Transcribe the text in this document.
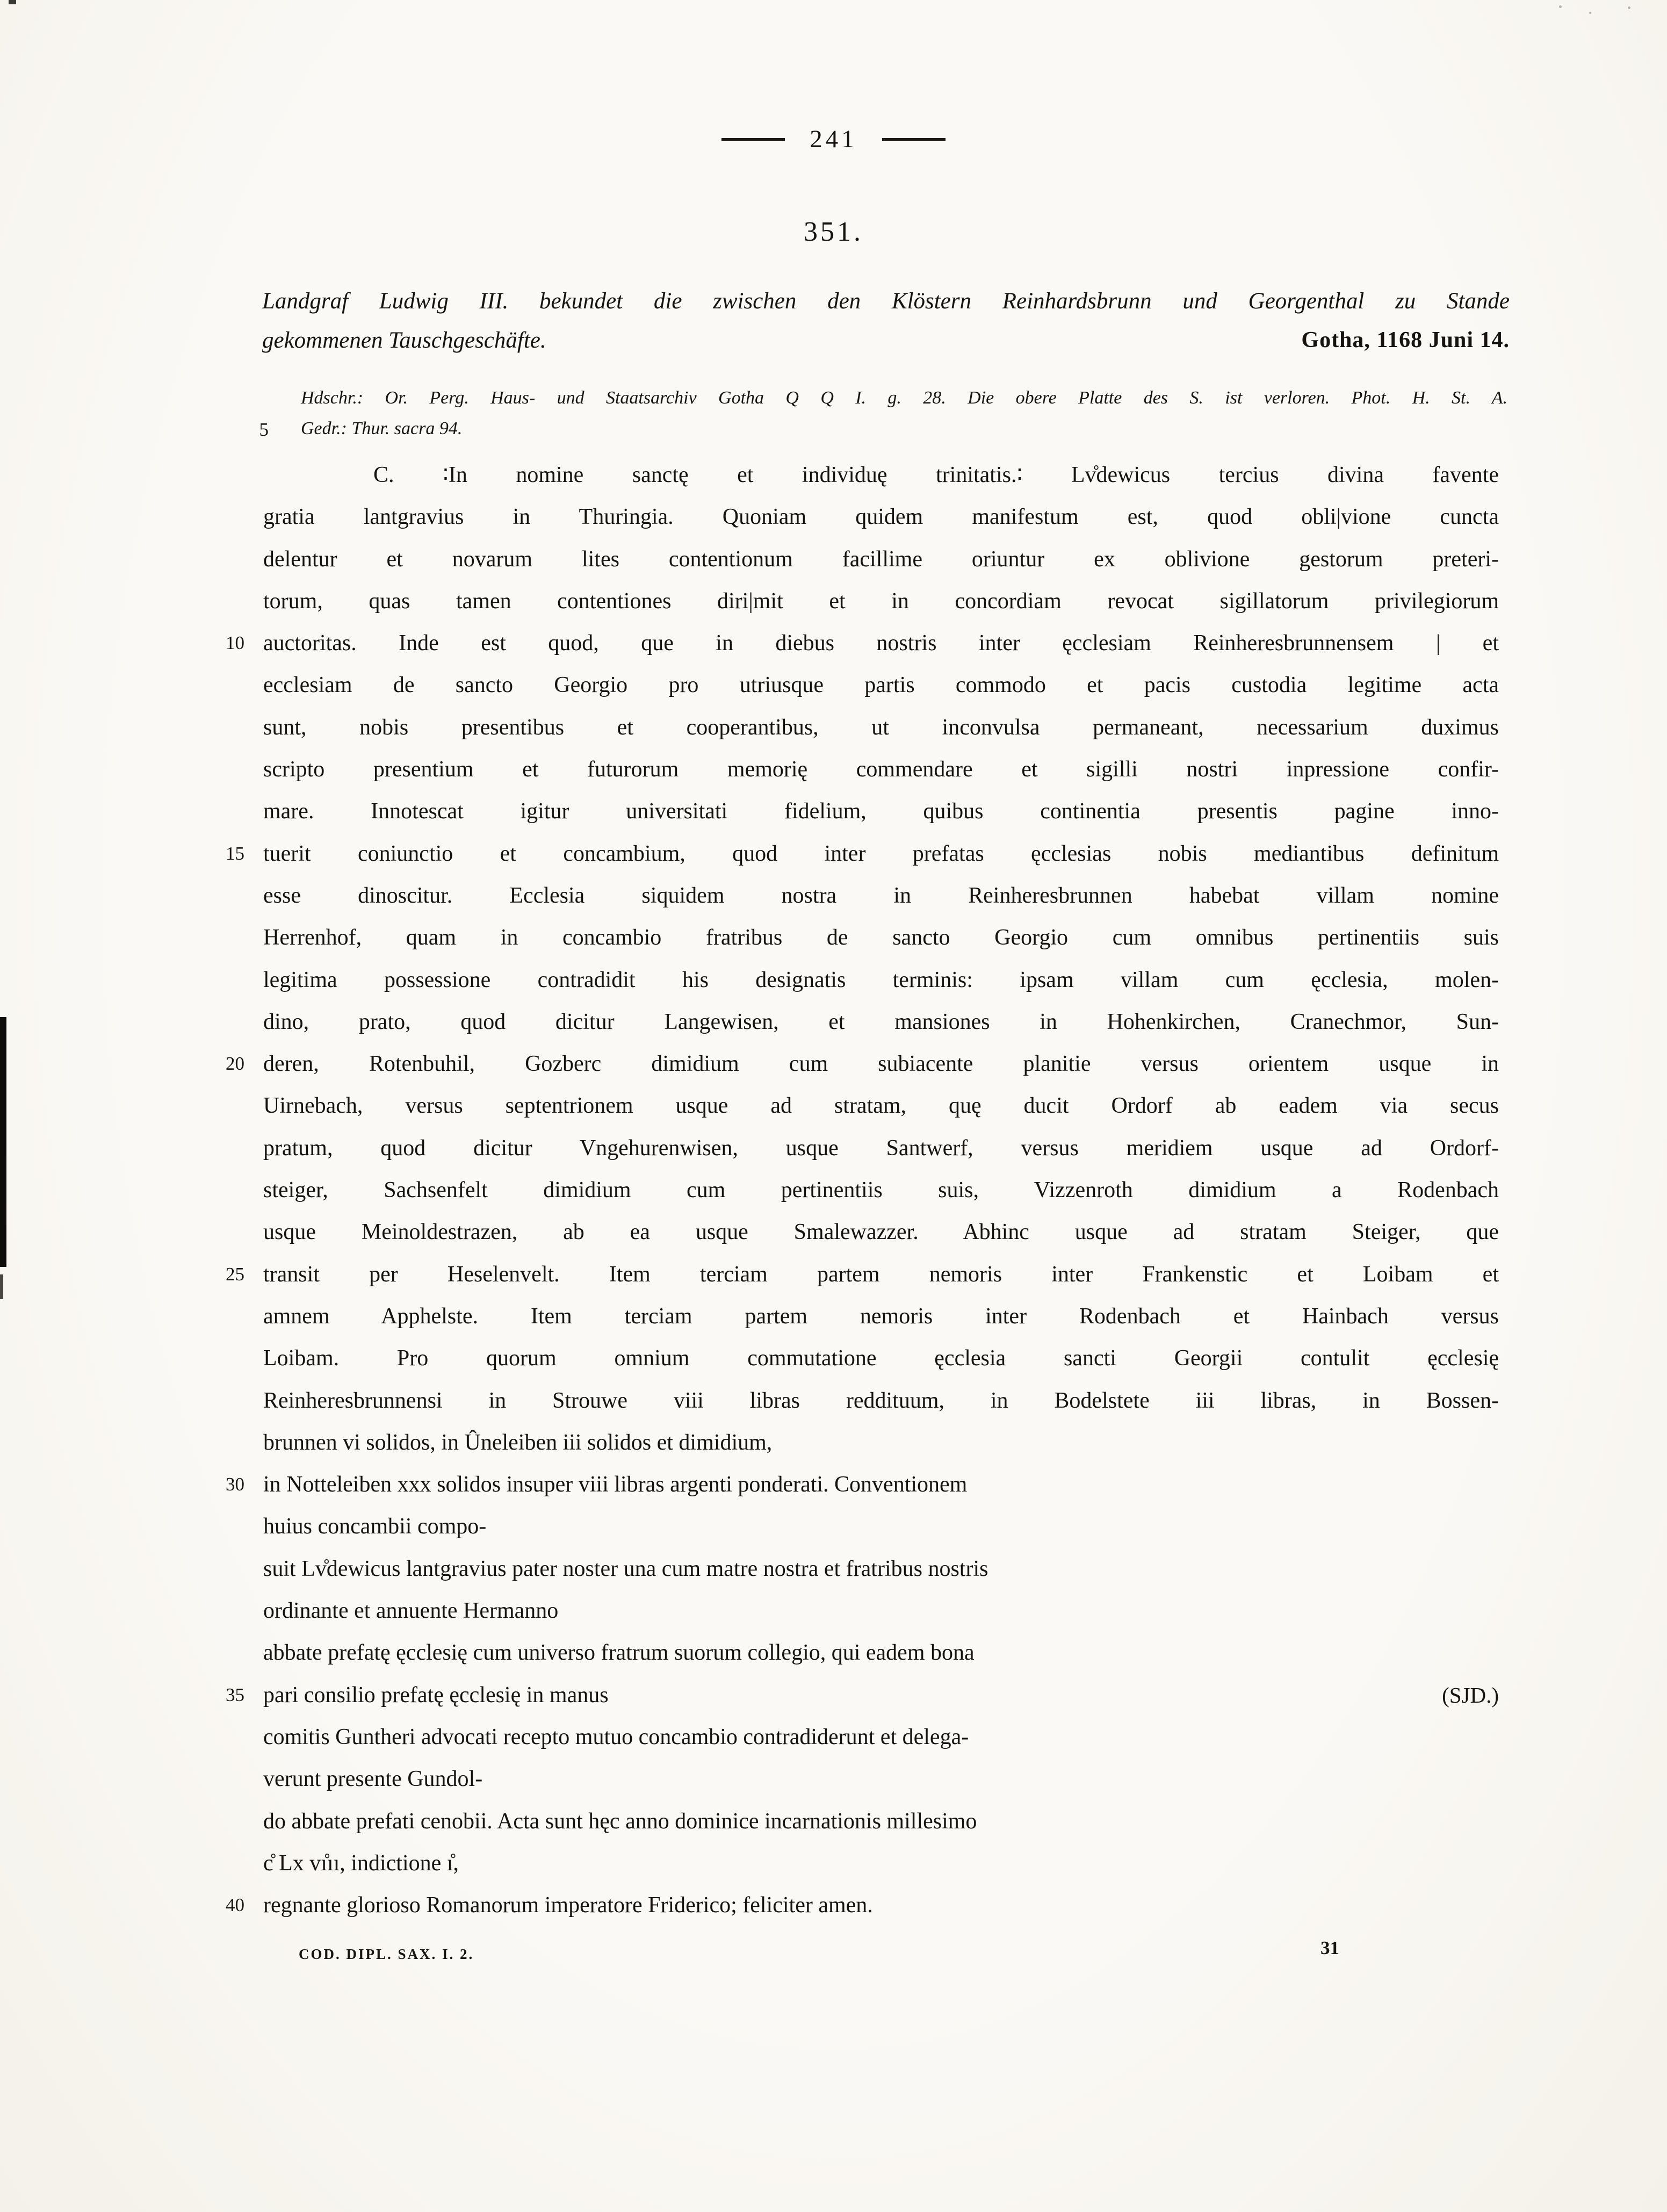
241
351.
Landgraf Ludwig III. bekundet die zwischen den Klöstern Reinhardsbrunn und Georgenthal zu Stande
gekommenen Tauschgeschäfte.	Gotha, 1168 Juni 14.
Hdschr.: Or. Perg. Haus- und Staatsarchiv Gotha Q Q I. g. 28. Die obere Platte des S. ist verloren. Phot. H. St. A.
5 Gedr.: Thur. sacra 94.
C. ∶In nomine sanctę et individuę trinitatis.∶ Lv̊dewicus tercius divina favente
gratia lantgravius in Thuringia. Quoniam quidem manifestum est, quod obli|vione cuncta
delentur et novarum lites contentionum facillime oriuntur ex oblivione gestorum preteri-
torum, quas tamen contentiones diri|mit et in concordiam revocat sigillatorum privilegiorum
10 auctoritas. Inde est quod, que in diebus nostris inter ęcclesiam Reinheresbrunnensem | et
ecclesiam de sancto Georgio pro utriusque partis commodo et pacis custodia legitime acta
sunt, nobis presentibus et cooperantibus, ut inconvulsa permaneant, necessarium duximus
scripto presentium et futurorum memorię commendare et sigilli nostri inpressione confir-
mare. Innotescat igitur universitati fidelium, quibus continentia presentis pagine inno-
15 tuerit coniunctio et concambium, quod inter prefatas ęcclesias nobis mediantibus definitum
esse dinoscitur. Ecclesia siquidem nostra in Reinheresbrunnen habebat villam nomine
Herrenhof, quam in concambio fratribus de sancto Georgio cum omnibus pertinentiis suis
legitima possessione contradidit his designatis terminis: ipsam villam cum ęcclesia, molen-
dino, prato, quod dicitur Langewisen, et mansiones in Hohenkirchen, Cranechmor, Sun-
20 deren, Rotenbuhil, Gozberc dimidium cum subiacente planitie versus orientem usque in
Uirnebach, versus septentrionem usque ad stratam, quę ducit Ordorf ab eadem via secus
pratum, quod dicitur Vngehurenwisen, usque Santwerf, versus meridiem usque ad Ordorf-
steiger, Sachsenfelt dimidium cum pertinentiis suis, Vizzenroth dimidium a Rodenbach
usque Meinoldestrazen, ab ea usque Smalewazzer. Abhinc usque ad stratam Steiger, que
25 transit per Heselenvelt. Item terciam partem nemoris inter Frankenstic et Loibam et
amnem Apphelste. Item terciam partem nemoris inter Rodenbach et Hainbach versus
Loibam. Pro quorum omnium commutatione ęcclesia sancti Georgii contulit ęcclesię
Reinheresbrunnensi in Strouwe viii libras reddituum, in Bodelstete iii libras, in Bossen-
brunnen vi solidos, in Ûneleiben iii solidos et dimidium,
30 in Notteleiben xxx solidos insuper viii libras argenti ponderati. Conventionem
huius concambii compo-
suit Lv̊dewicus lantgravius pater noster una cum matre nostra et fratribus nostris
ordinante et annuente Hermanno
abbate prefatę ęcclesię cum universo fratrum suorum collegio, qui eadem bona
35 pari consilio prefatę ęcclesię in manus	(SJD.)
comitis Guntheri advocati recepto mutuo concambio contradiderunt et delega-
verunt presente Gundol-
do abbate prefati cenobii. Acta sunt hęc anno dominice incarnationis millesimo
c̊ Lx vı̊ıı, indictione ı̊,
40 regnante glorioso Romanorum imperatore Friderico; feliciter amen.
COD. DIPL. SAX. I. 2.	31
